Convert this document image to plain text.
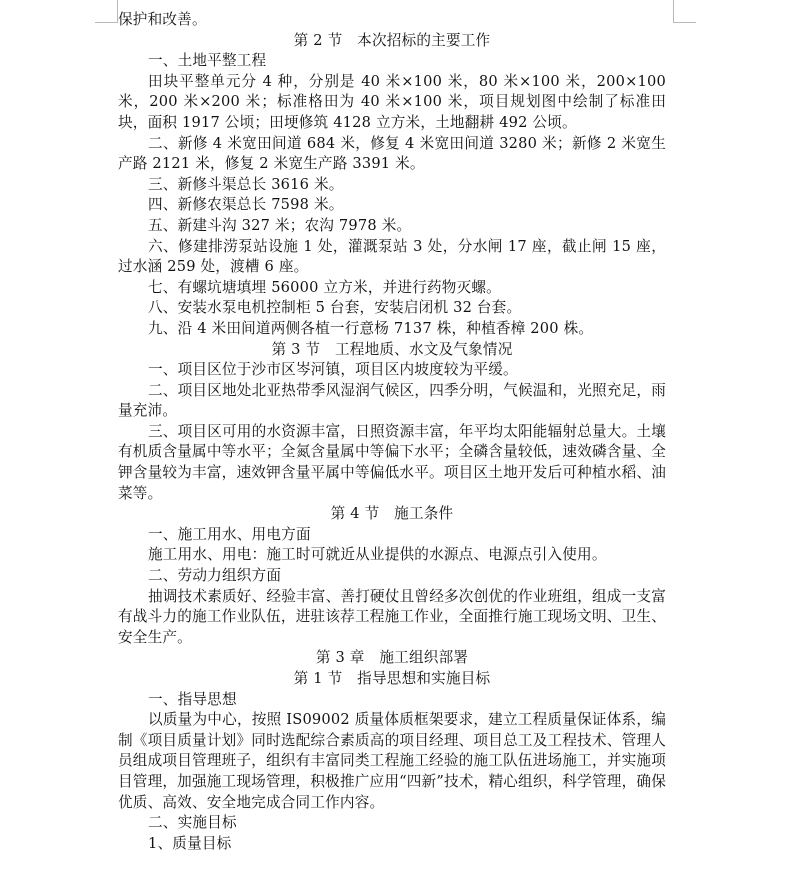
保护和改善。

第 2 节　本次招标的主要工作

一、土地平整工程

田块平整单元分 4 种，分别是 40 米×100 米，80 米×100 米，200×100 米，200 米×200 米；标准格田为 40 米×100 米，项目规划图中绘制了标准田块，面积 1917 公顷；田埂修筑 4128 立方米，土地翻耕 492 公顷。

二、新修 4 米宽田间道 684 米，修复 4 米宽田间道 3280 米；新修 2 米宽生产路 2121 米，修复 2 米宽生产路 3391 米。

三、新修斗渠总长 3616 米。

四、新修农渠总长 7598 米。

五、新建斗沟 327 米；农沟 7978 米。

六、修建排涝泵站设施 1 处，灌溉泵站 3 处，分水闸 17 座，截止闸 15 座，过水涵 259 处，渡槽 6 座。

七、有螺坑塘填埋 56000 立方米，并进行药物灭螺。

八、安装水泵电机控制柜 5 台套，安装启闭机 32 台套。

九、沿 4 米田间道两侧各植一行意杨 7137 株，种植香樟 200 株。

第 3 节　工程地质、水文及气象情况

一、项目区位于沙市区岑河镇，项目区内坡度较为平缓。

二、项目区地处北亚热带季风湿润气候区，四季分明，气候温和，光照充足，雨量充沛。

三、项目区可用的水资源丰富，日照资源丰富，年平均太阳能辐射总量大。土壤有机质含量属中等水平；全氮含量属中等偏下水平；全磷含量较低，速效磷含量、全钾含量较为丰富，速效钾含量平属中等偏低水平。项目区土地开发后可种植水稻、油菜等。

第 4 节　施工条件

一、施工用水、用电方面

施工用水、用电：施工时可就近从业提供的水源点、电源点引入使用。

二、劳动力组织方面

抽调技术素质好、经验丰富、善打硬仗且曾经多次创优的作业班组，组成一支富有战斗力的施工作业队伍，进驻该荐工程施工作业，全面推行施工现场文明、卫生、安全生产。

第 3 章　施工组织部署

第 1 节　指导思想和实施目标

一、指导思想

以质量为中心，按照 IS09002 质量体质框架要求，建立工程质量保证体系，编制《项目质量计划》同时选配综合素质高的项目经理、项目总工及工程技术、管理人员组成项目管理班子，组织有丰富同类工程施工经验的施工队伍进场施工，并实施项目管理，加强施工现场管理，积极推广应用“四新”技术，精心组织，科学管理，确保优质、高效、安全地完成合同工作内容。

二、实施目标

1、质量目标
